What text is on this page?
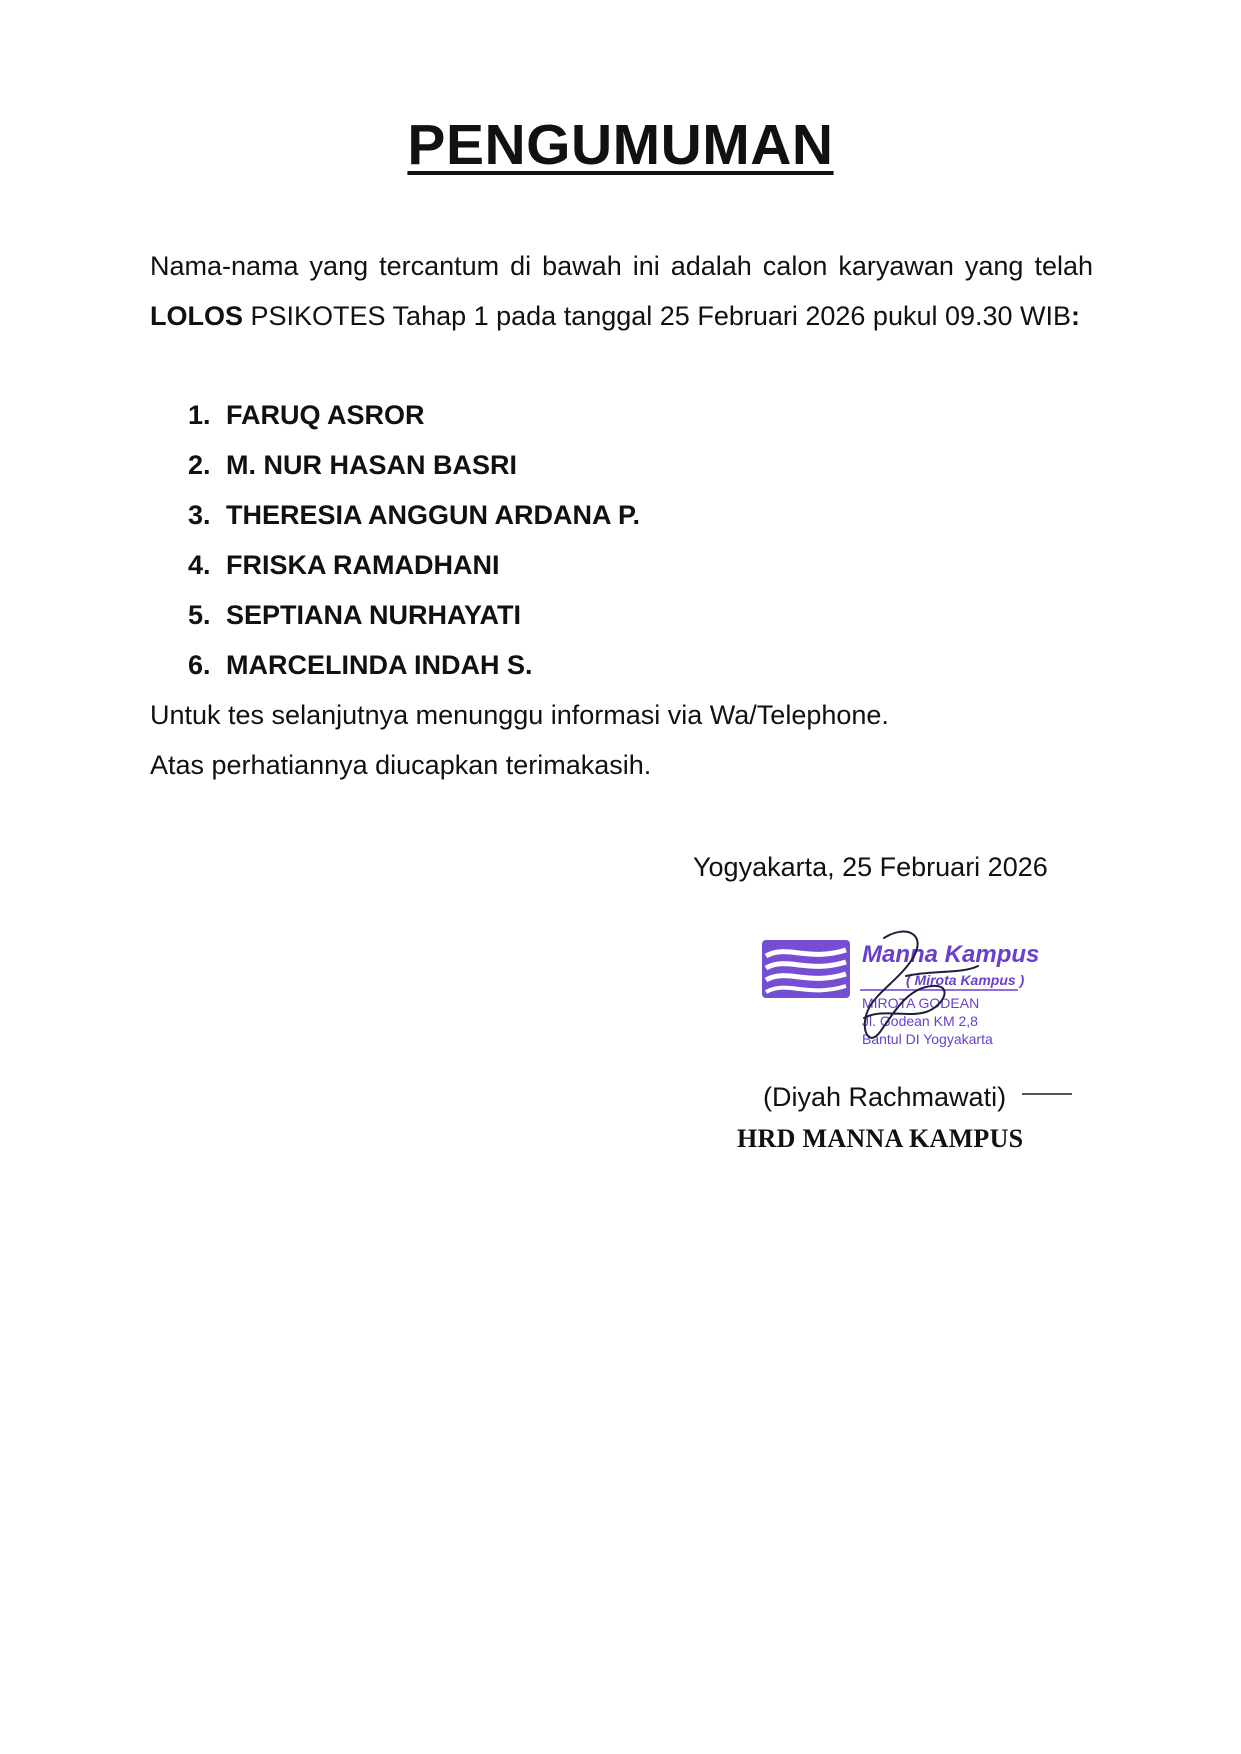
PENGUMUMAN
Nama-nama yang tercantum di bawah ini adalah calon karyawan yang telah LOLOS PSIKOTES Tahap 1 pada tanggal 25 Februari 2026 pukul 09.30 WIB:
1. FARUQ ASROR
2. M. NUR HASAN BASRI
3. THERESIA ANGGUN ARDANA P.
4. FRISKA RAMADHANI
5. SEPTIANA NURHAYATI
6. MARCELINDA INDAH S.
Untuk tes selanjutnya menunggu informasi via Wa/Telephone.
Atas perhatiannya diucapkan terimakasih.
Yogyakarta, 25 Februari 2026
Manna Kampus
( Mirota Kampus )
MIROTA GODEAN
Jl. Godean KM 2,8
Bantul DI Yogyakarta
(Diyah Rachmawati)
HRD MANNA KAMPUS
